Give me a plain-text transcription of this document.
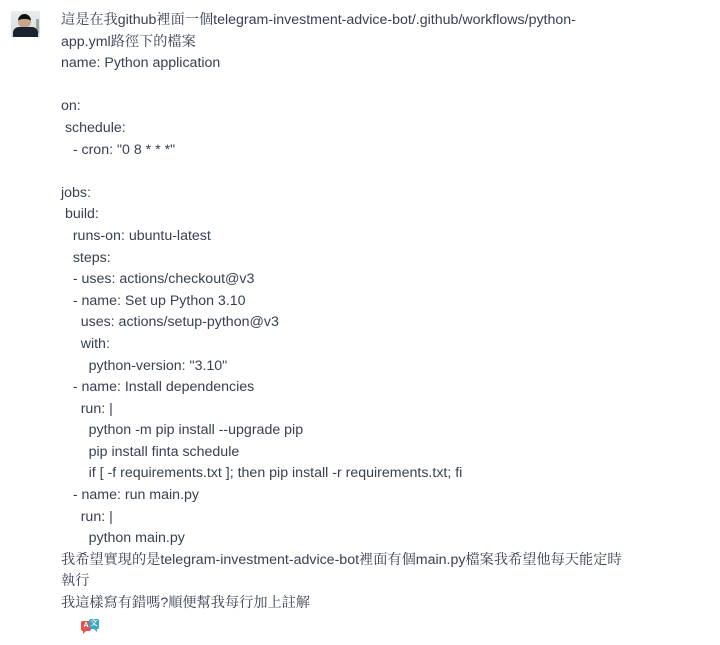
這是在我github裡面一個telegram-investment-advice-bot/.github/workflows/python-
app.yml路徑下的檔案
name: Python application
on:
schedule:
- cron: "0 8 * * *"
jobs:
build:
runs-on: ubuntu-latest
steps:
- uses: actions/checkout@v3
- name: Set up Python 3.10
uses: actions/setup-python@v3
with:
python-version: "3.10"
- name: Install dependencies
run: |
python -m pip install --upgrade pip
pip install finta schedule
if [ -f requirements.txt ]; then pip install -r requirements.txt; fi
- name: run main.py
run: |
python main.py
我希望實現的是telegram-investment-advice-bot裡面有個main.py檔案我希望他每天能定時
執行
我這樣寫有錯嗎?順便幫我每行加上註解
A 文
